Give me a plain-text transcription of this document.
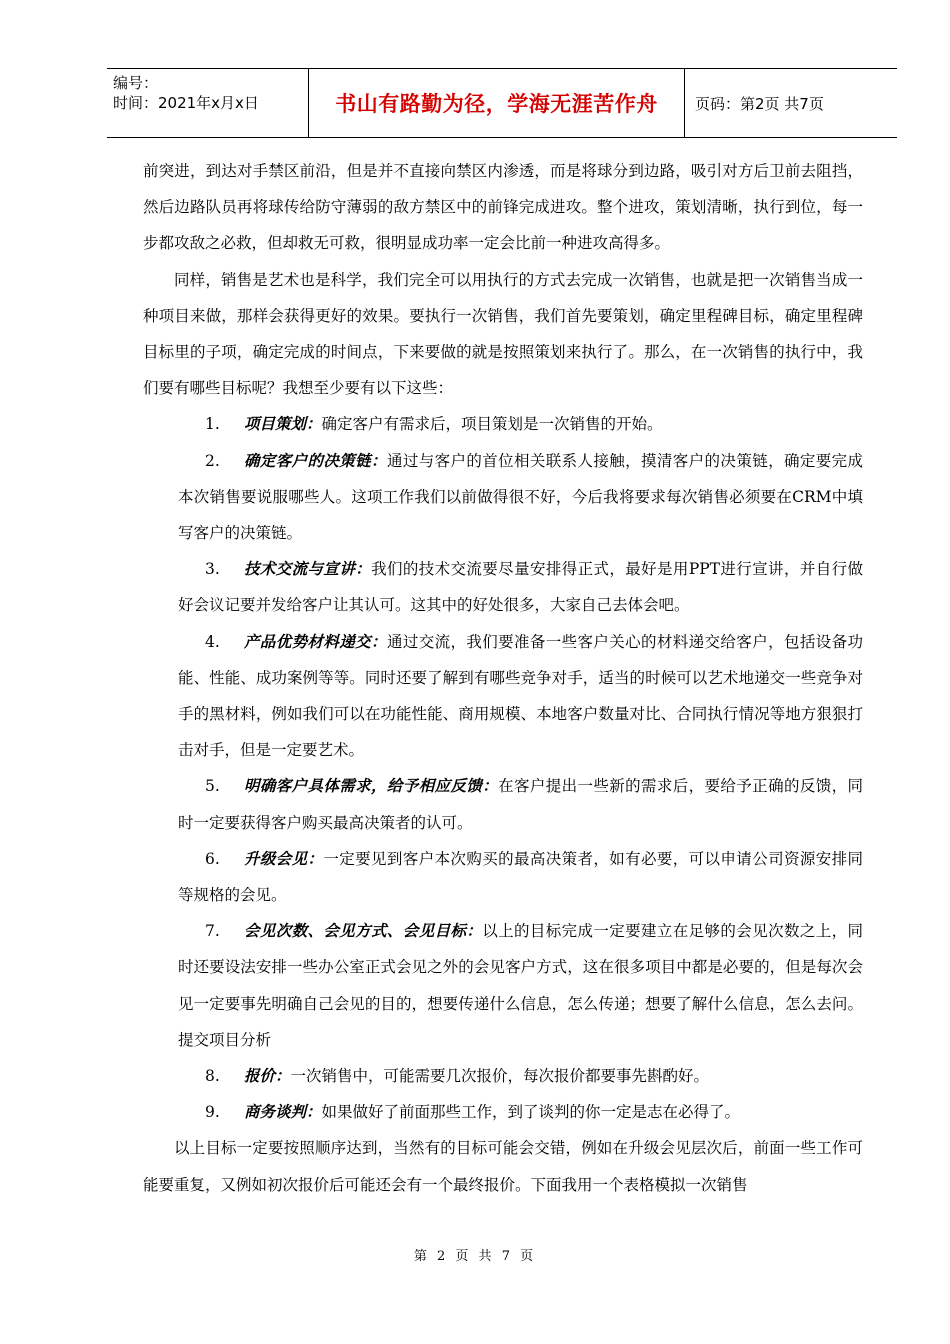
编号：
时间：2021年x月x日	书山有路勤为径，学海无涯苦作舟 页码：第2页 共7页
前突进，到达对手禁区前沿，但是并不直接向禁区内渗透，而是将球分到边路，吸引对方后卫前去阻挡，然后边路队员再将球传给防守薄弱的敌方禁区中的前锋完成进攻。整个进攻，策划清晰，执行到位，每一步都攻敌之必救，但却救无可救，很明显成功率一定会比前一种进攻高得多。
同样，销售是艺术也是科学，我们完全可以用执行的方式去完成一次销售，也就是把一次销售当成一种项目来做，那样会获得更好的效果。要执行一次销售，我们首先要策划，确定里程碑目标，确定里程碑目标里的子项，确定完成的时间点，下来要做的就是按照策划来执行了。那么，在一次销售的执行中，我们要有哪些目标呢？我想至少要有以下这些：
1. 项目策划：确定客户有需求后，项目策划是一次销售的开始。
2. 确定客户的决策链：通过与客户的首位相关联系人接触，摸清客户的决策链，确定要完成本次销售要说服哪些人。这项工作我们以前做得很不好，今后我将要求每次销售必须要在CRM中填写客户的决策链。
3. 技术交流与宣讲：我们的技术交流要尽量安排得正式，最好是用PPT进行宣讲，并自行做好会议记要并发给客户让其认可。这其中的好处很多，大家自己去体会吧。
4. 产品优势材料递交：通过交流，我们要准备一些客户关心的材料递交给客户，包括设备功能、性能、成功案例等等。同时还要了解到有哪些竞争对手，适当的时候可以艺术地递交一些竞争对手的黑材料，例如我们可以在功能性能、商用规模、本地客户数量对比、合同执行情况等地方狠狠打击对手，但是一定要艺术。
5. 明确客户具体需求，给予相应反馈：在客户提出一些新的需求后，要给予正确的反馈，同时一定要获得客户购买最高决策者的认可。
6. 升级会见：一定要见到客户本次购买的最高决策者，如有必要，可以申请公司资源安排同等规格的会见。
7. 会见次数、会见方式、会见目标：以上的目标完成一定要建立在足够的会见次数之上，同时还要设法安排一些办公室正式会见之外的会见客户方式，这在很多项目中都是必要的，但是每次会见一定要事先明确自己会见的目的，想要传递什么信息，怎么传递；想要了解什么信息，怎么去问。提交项目分析
8. 报价：一次销售中，可能需要几次报价，每次报价都要事先斟酌好。
9. 商务谈判：如果做好了前面那些工作，到了谈判的你一定是志在必得了。
以上目标一定要按照顺序达到，当然有的目标可能会交错，例如在升级会见层次后，前面一些工作可能要重复，又例如初次报价后可能还会有一个最终报价。下面我用一个表格模拟一次销售
第 2 页 共 7 页
